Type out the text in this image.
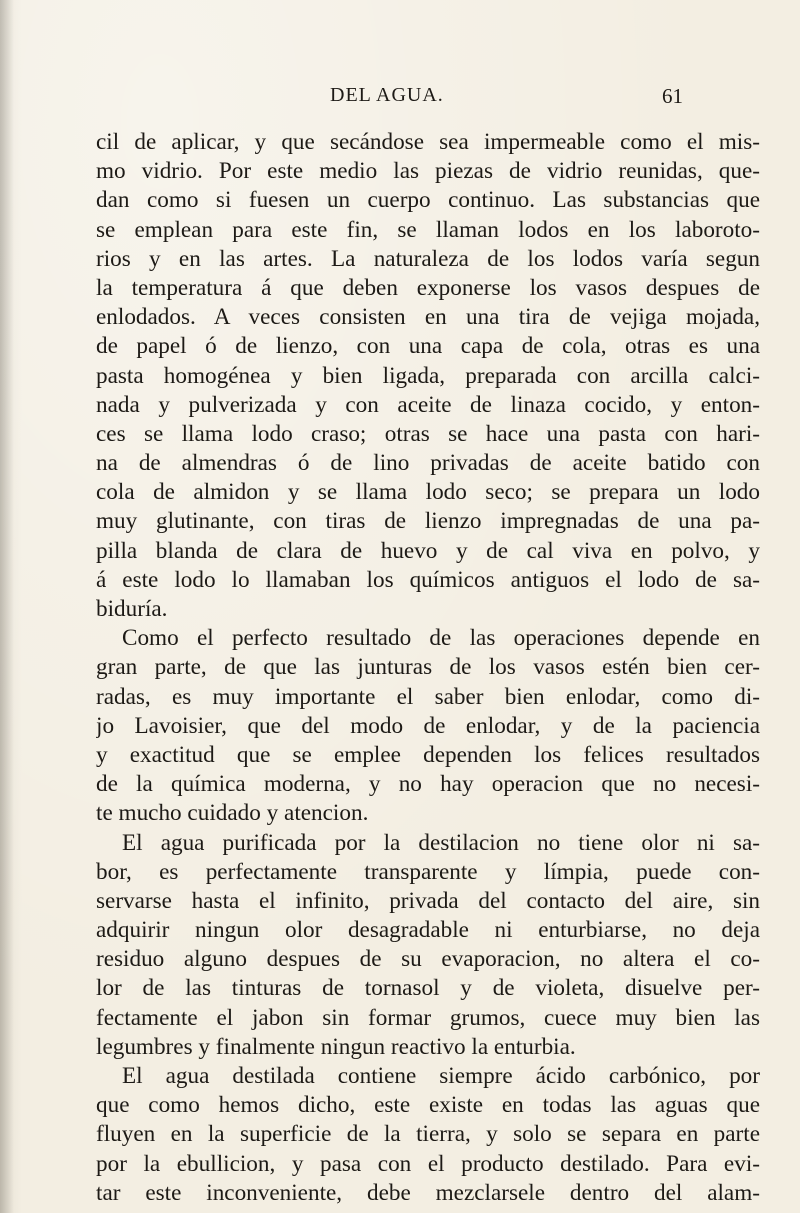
DEL AGUA.	61
cil de aplicar, y que secándose sea impermeable como el mis-
mo vidrio. Por este medio las piezas de vidrio reunidas, que-
dan como si fuesen un cuerpo continuo. Las substancias que
se emplean para este fin, se llaman lodos en los laboroto-
rios y en las artes. La naturaleza de los lodos varía segun
la temperatura á que deben exponerse los vasos despues de
enlodados. A veces consisten en una tira de vejiga mojada,
de papel ó de lienzo, con una capa de cola, otras es una
pasta homogénea y bien ligada, preparada con arcilla calci-
nada y pulverizada y con aceite de linaza cocido, y enton-
ces se llama lodo craso; otras se hace una pasta con hari-
na de almendras ó de lino privadas de aceite batido con
cola de almidon y se llama lodo seco; se prepara un lodo
muy glutinante, con tiras de lienzo impregnadas de una pa-
pilla blanda de clara de huevo y de cal viva en polvo, y
á este lodo lo llamaban los químicos antiguos el lodo de sa-
biduría.
Como el perfecto resultado de las operaciones depende en
gran parte, de que las junturas de los vasos estén bien cer-
radas, es muy importante el saber bien enlodar, como di-
jo Lavoisier, que del modo de enlodar, y de la paciencia
y exactitud que se emplee dependen los felices resultados
de la química moderna, y no hay operacion que no necesi-
te mucho cuidado y atencion.
El agua purificada por la destilacion no tiene olor ni sa-
bor, es perfectamente transparente y límpia, puede con-
servarse hasta el infinito, privada del contacto del aire, sin
adquirir ningun olor desagradable ni enturbiarse, no deja
residuo alguno despues de su evaporacion, no altera el co-
lor de las tinturas de tornasol y de violeta, disuelve per-
fectamente el jabon sin formar grumos, cuece muy bien las
legumbres y finalmente ningun reactivo la enturbia.
El agua destilada contiene siempre ácido carbónico, por
que como hemos dicho, este existe en todas las aguas que
fluyen en la superficie de la tierra, y solo se separa en parte
por la ebullicion, y pasa con el producto destilado. Para evi-
tar este inconveniente, debe mezclarsele dentro del alam-
